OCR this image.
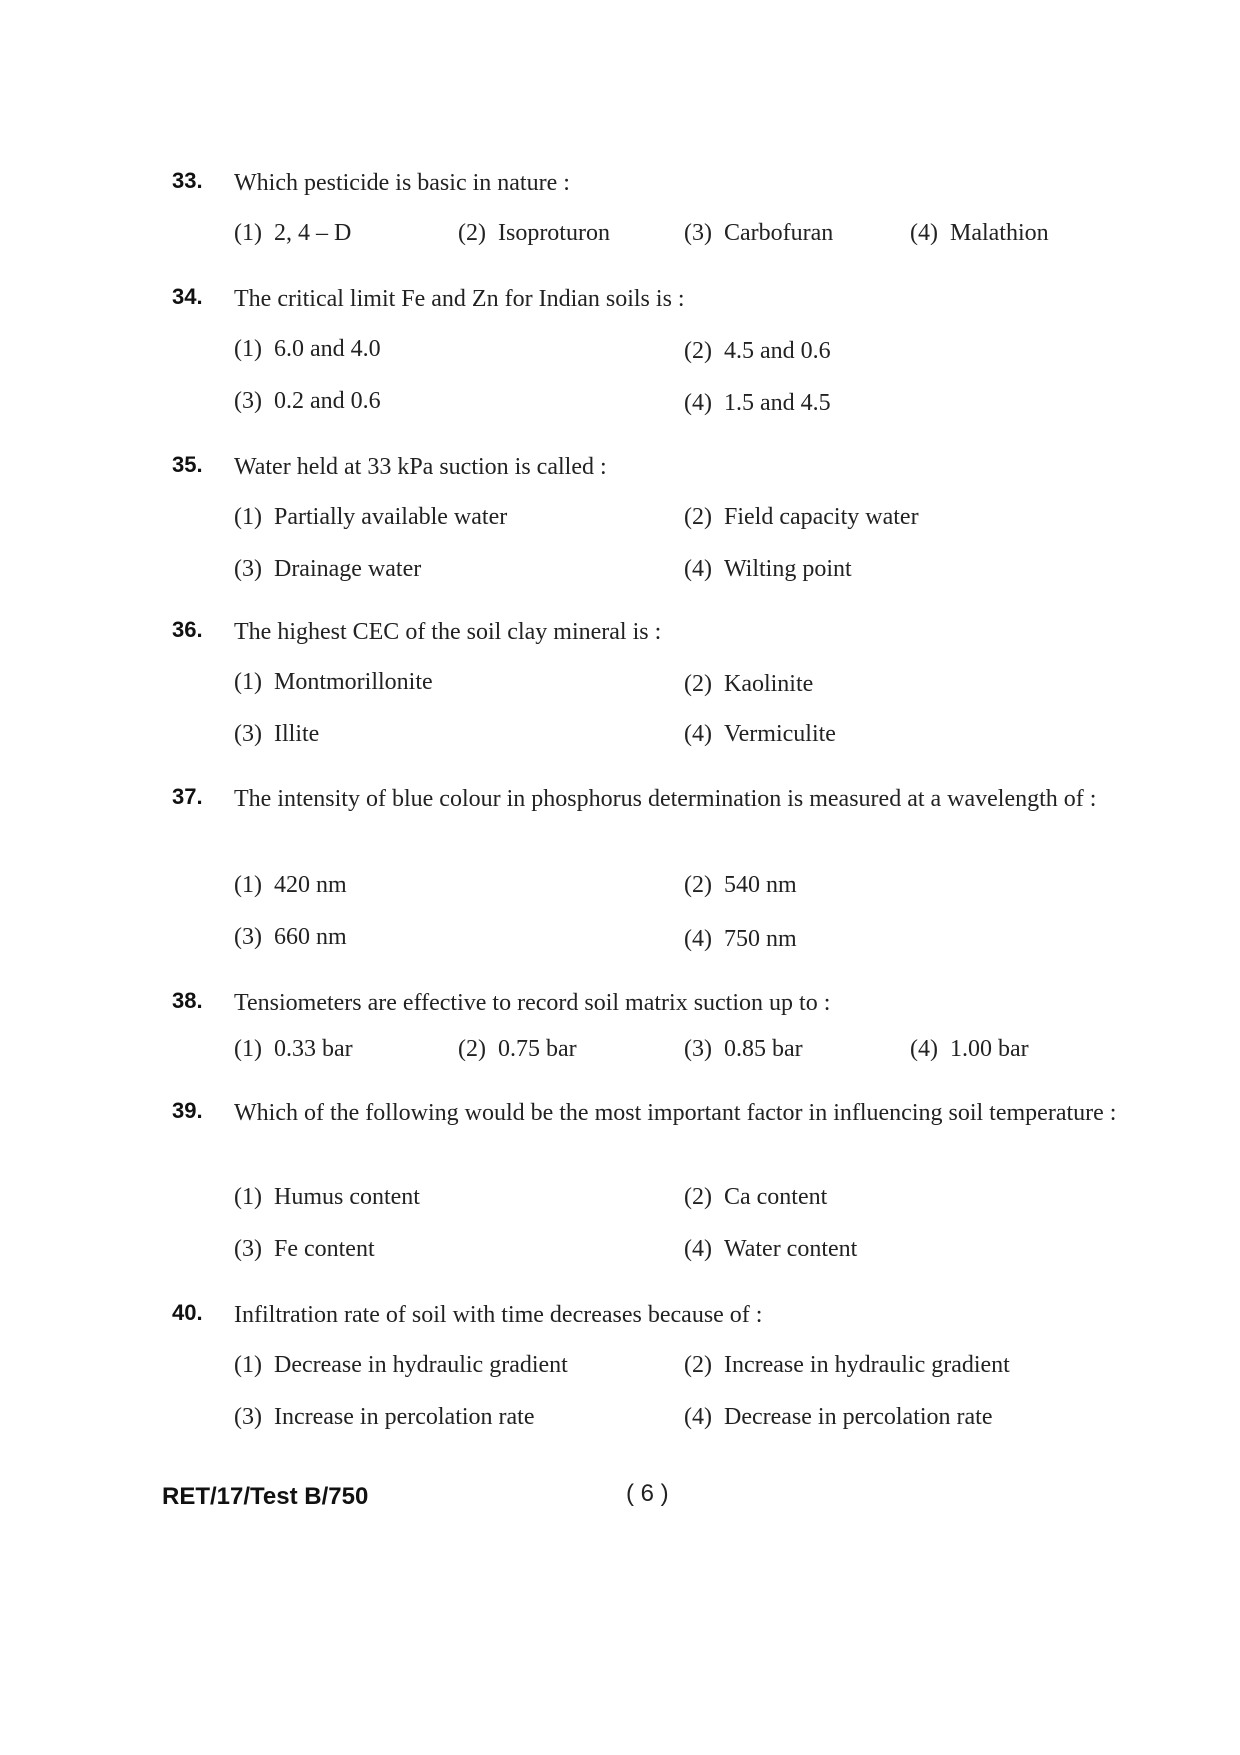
33. Which pesticide is basic in nature :
(1) 2, 4 – D	(2) Isoproturon	(3) Carbofuran	(4) Malathion
34. The critical limit Fe and Zn for Indian soils is :
(1) 6.0 and 4.0	(2) 4.5 and 0.6
(3) 0.2 and 0.6	(4) 1.5 and 4.5
35. Water held at 33 kPa suction is called :
(1) Partially available water	(2) Field capacity water
(3) Drainage water	(4) Wilting point
36. The highest CEC of the soil clay mineral is :
(1) Montmorillonite	(2) Kaolinite
(3) Illite	(4) Vermiculite
37. The intensity of blue colour in phosphorus determination is measured at a wavelength of :
(1) 420 nm	(2) 540 nm
(3) 660 nm	(4) 750 nm
38. Tensiometers are effective to record soil matrix suction up to :
(1) 0.33 bar	(2) 0.75 bar	(3) 0.85 bar	(4) 1.00 bar
39. Which of the following would be the most important factor in influencing soil temperature :
(1) Humus content	(2) Ca content
(3) Fe content	(4) Water content
40. Infiltration rate of soil with time decreases because of :
(1) Decrease in hydraulic gradient	(2) Increase in hydraulic gradient
(3) Increase in percolation rate	(4) Decrease in percolation rate
RET/17/Test B/750	( 6 )
